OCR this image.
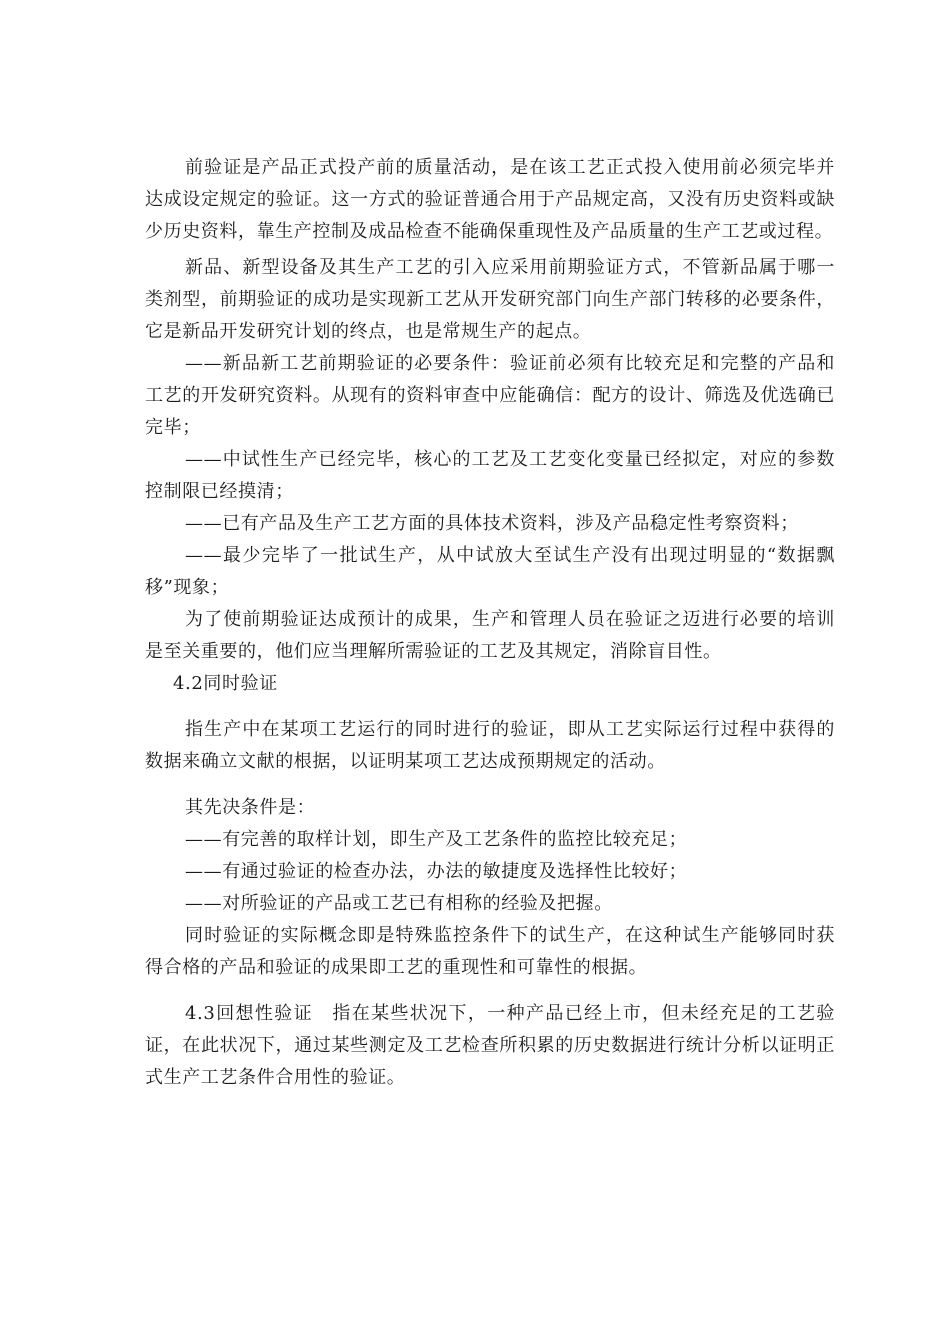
前验证是产品正式投产前的质量活动，是在该工艺正式投入使用前必须完毕并达成设定规定的验证。这一方式的验证普通合用于产品规定高，又没有历史资料或缺少历史资料，靠生产控制及成品检查不能确保重现性及产品质量的生产工艺或过程。

新品、新型设备及其生产工艺的引入应采用前期验证方式，不管新品属于哪一类剂型，前期验证的成功是实现新工艺从开发研究部门向生产部门转移的必要条件，它是新品开发研究计划的终点，也是常规生产的起点。

——新品新工艺前期验证的必要条件：验证前必须有比较充足和完整的产品和工艺的开发研究资料。从现有的资料审查中应能确信：配方的设计、筛选及优选确已完毕；

——中试性生产已经完毕，核心的工艺及工艺变化变量已经拟定，对应的参数控制限已经摸清；

——已有产品及生产工艺方面的具体技术资料，涉及产品稳定性考察资料；

——最少完毕了一批试生产，从中试放大至试生产没有出现过明显的“数据飘移”现象；

为了使前期验证达成预计的成果，生产和管理人员在验证之迈进行必要的培训是至关重要的，他们应当理解所需验证的工艺及其规定，消除盲目性。

4.2同时验证

指生产中在某项工艺运行的同时进行的验证，即从工艺实际运行过程中获得的数据来确立文献的根据，以证明某项工艺达成预期规定的活动。

其先决条件是：

——有完善的取样计划，即生产及工艺条件的监控比较充足；

——有通过验证的检查办法，办法的敏捷度及选择性比较好；

——对所验证的产品或工艺已有相称的经验及把握。

同时验证的实际概念即是特殊监控条件下的试生产，在这种试生产能够同时获得合格的产品和验证的成果即工艺的重现性和可靠性的根据。

4.3回想性验证　指在某些状况下，一种产品已经上市，但未经充足的工艺验证，在此状况下，通过某些测定及工艺检查所积累的历史数据进行统计分析以证明正式生产工艺条件合用性的验证。
